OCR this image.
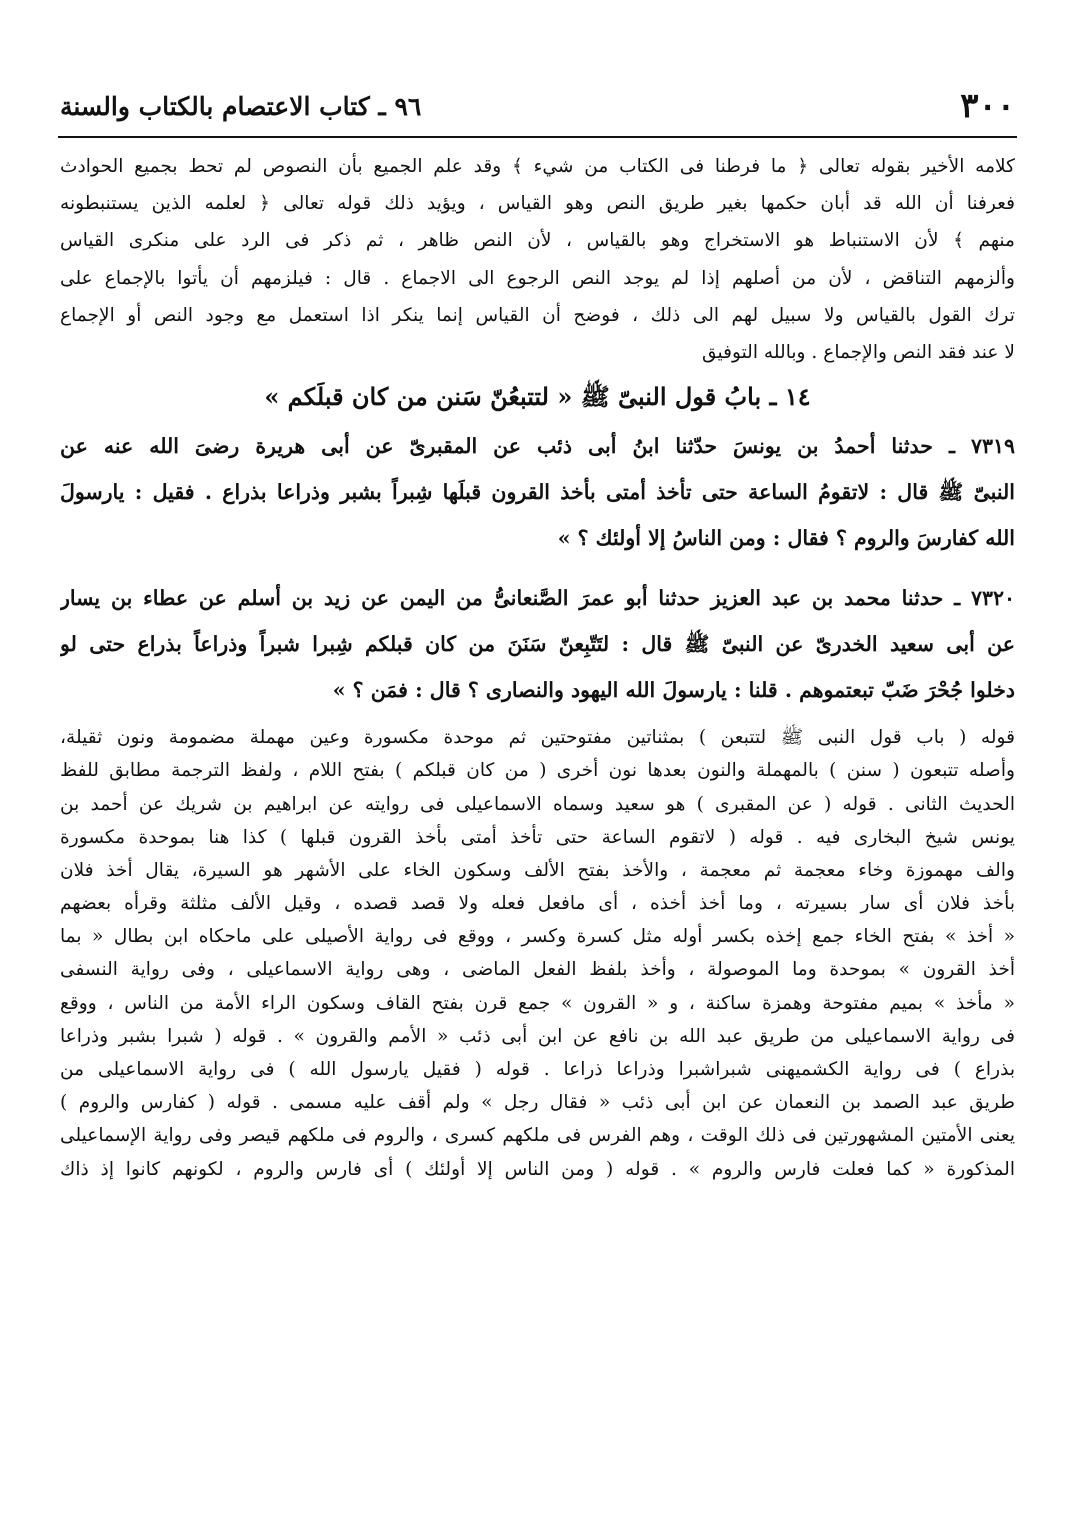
٣٠٠
٩٦ ـ كتاب الاعتصام بالكتاب والسنة
كلامه الأخير بقوله تعالى ﴿ ما فرطنا فى الكتاب من شيء ﴾ وقد علم الجميع بأن النصوص لم تحط بجميع الحوادث
فعرفنا أن الله قد أبان حكمها بغير طريق النص وهو القياس ، ويؤيد ذلك قوله تعالى ﴿ لعلمه الذين يستنبطونه
منهم ﴾ لأن الاستنباط هو الاستخراج وهو بالقياس ، لأن النص ظاهر ، ثم ذكر فى الرد على منكرى القياس
وألزمهم التناقض ، لأن من أصلهم إذا لم يوجد النص الرجوع الى الاجماع . قال : فيلزمهم أن يأتوا بالإجماع على
ترك القول بالقياس ولا سبيل لهم الى ذلك ، فوضح أن القياس إنما ينكر اذا استعمل مع وجود النص أو الإجماع
لا عند فقد النص والإجماع . وبالله التوفيق
١٤ ـ بابُ قول النبىّ ﷺ « لتتبعُنّ سَنن من كان قبلَكم »
٧٣١٩ ـ حدثنا أحمدُ بن يونسَ حدّثنا ابنُ أبى ذئب عن المقبرىّ عن أبى هريرة رضىَ الله عنه عن
النبىّ ﷺ قال : لاتقومُ الساعة حتى تأخذ أمتى بأخذ القرون قبلَها شِبراً بشبر وذراعا بذراع . فقيل : يارسولَ
الله كفارسَ والروم ؟ فقال : ومن الناسُ إلا أولئك ؟ »
٧٣٢٠ ـ حدثنا محمد بن عبد العزيز حدثنا أبو عمرَ الصَّنعانىُّ من اليمن عن زيد بن أسلم عن عطاء بن يسار
عن أبى سعيد الخدرىّ عن النبىّ ﷺ قال : لتَتّبِعنّ سَنَنَ من كان قبلكم شِبرا شبراً وذراعاً بذراع حتى لو
دخلوا جُحْرَ ضَبّ تبعتموهم . قلنا : يارسولَ الله اليهود والنصارى ؟ قال : فمَن ؟ »
قوله ( باب قول النبى ﷺ لتتبعن ) بمثناتين مفتوحتين ثم موحدة مكسورة وعين مهملة مضمومة ونون ثقيلة،
وأصله تتبعون ( سنن ) بالمهملة والنون بعدها نون أخرى ( من كان قبلكم ) بفتح اللام ، ولفظ الترجمة مطابق للفظ
الحديث الثانى . قوله ( عن المقبرى ) هو سعيد وسماه الاسماعيلى فى روايته عن ابراهيم بن شريك عن أحمد بن
يونس شيخ البخارى فيه . قوله ( لاتقوم الساعة حتى تأخذ أمتى بأخذ القرون قبلها ) كذا هنا بموحدة مكسورة
والف مهموزة وخاء معجمة ثم معجمة ، والأخذ بفتح الألف وسكون الخاء على الأشهر هو السيرة، يقال أخذ فلان
بأخذ فلان أى سار بسيرته ، وما أخذ أخذه ، أى مافعل فعله ولا قصد قصده ، وقيل الألف مثلثة وقرأه بعضهم
« أخذ » بفتح الخاء جمع إخذه بكسر أوله مثل كسرة وكسر ، ووقع فى رواية الأصيلى على ماحكاه ابن بطال « بما
أخذ القرون » بموحدة وما الموصولة ، وأخذ بلفظ الفعل الماضى ، وهى رواية الاسماعيلى ، وفى رواية النسفى
« مأخذ » بميم مفتوحة وهمزة ساكنة ، و « القرون » جمع قرن بفتح القاف وسكون الراء الأمة من الناس ، ووقع
فى رواية الاسماعيلى من طريق عبد الله بن نافع عن ابن أبى ذئب « الأمم والقرون » . قوله ( شبرا بشبر وذراعا
بذراع ) فى رواية الكشميهنى شبراشبرا وذراعا ذراعا . قوله ( فقيل يارسول الله ) فى رواية الاسماعيلى من
طريق عبد الصمد بن النعمان عن ابن أبى ذئب « فقال رجل » ولم أقف عليه مسمى . قوله ( كفارس والروم )
يعنى الأمتين المشهورتين فى ذلك الوقت ، وهم الفرس فى ملكهم كسرى ، والروم فى ملكهم قيصر وفى رواية الإسماعيلى
المذكورة « كما فعلت فارس والروم » . قوله ( ومن الناس إلا أولئك ) أى فارس والروم ، لكونهم كانوا إذ ذاك
